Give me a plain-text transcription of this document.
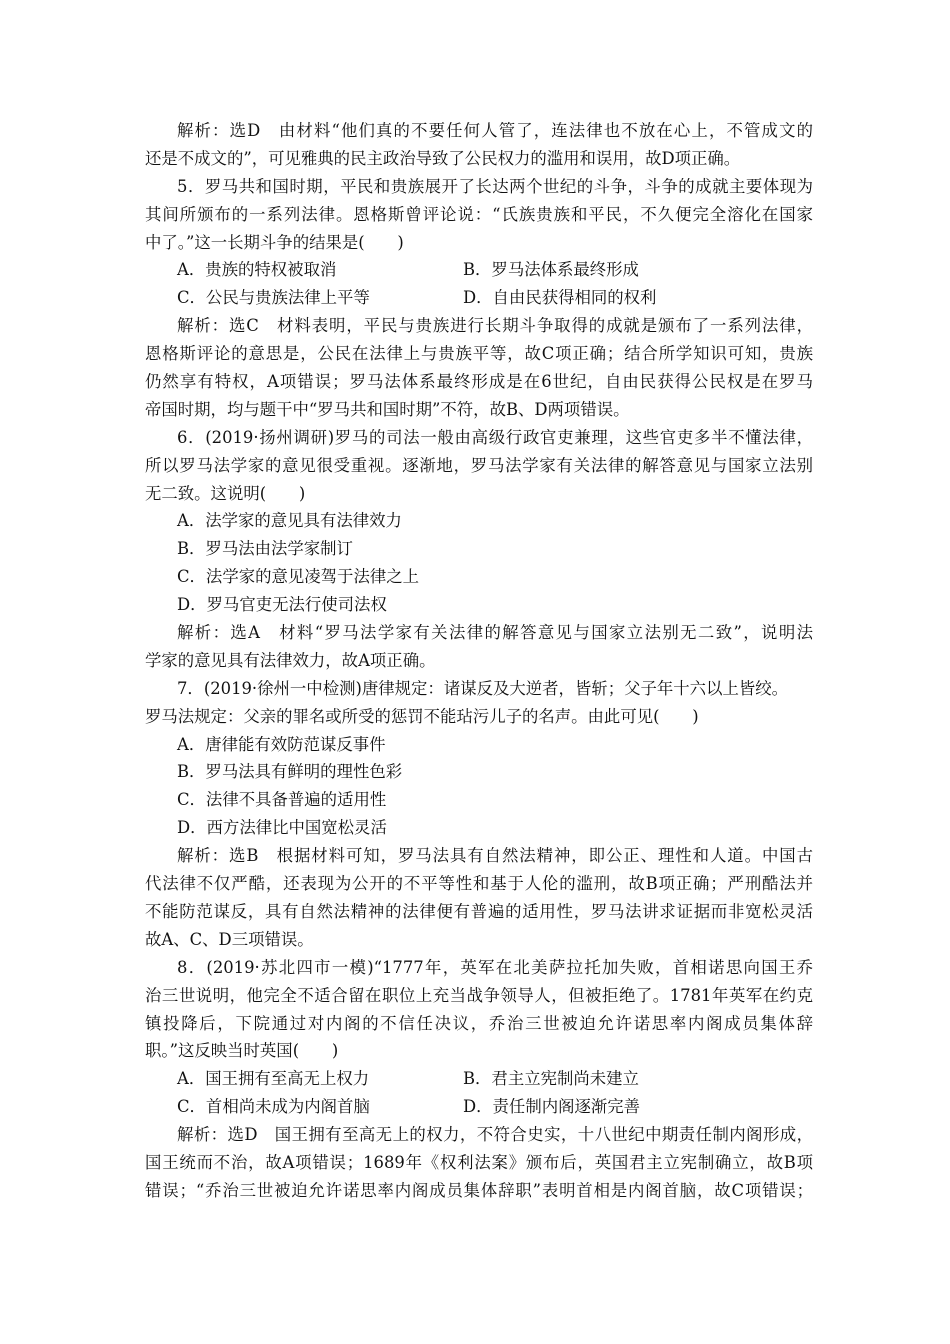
解析：选D　由材料“他们真的不要任何人管了，连法律也不放在心上，不管成文的
还是不成文的”，可见雅典的民主政治导致了公民权力的滥用和误用，故D项正确。
5．罗马共和国时期，平民和贵族展开了长达两个世纪的斗争，斗争的成就主要体现为
其间所颁布的一系列法律。恩格斯曾评论说：“氏族贵族和平民，不久便完全溶化在国家
中了。”这一长期斗争的结果是(　　)
A．贵族的特权被取消	B．罗马法体系最终形成
C．公民与贵族法律上平等	D．自由民获得相同的权利
解析：选C　材料表明，平民与贵族进行长期斗争取得的成就是颁布了一系列法律，
恩格斯评论的意思是，公民在法律上与贵族平等，故C项正确；结合所学知识可知，贵族
仍然享有特权，A项错误；罗马法体系最终形成是在6世纪，自由民获得公民权是在罗马
帝国时期，均与题干中“罗马共和国时期”不符，故B、D两项错误。
6．(2019·扬州调研)罗马的司法一般由高级行政官吏兼理，这些官吏多半不懂法律，
所以罗马法学家的意见很受重视。逐渐地，罗马法学家有关法律的解答意见与国家立法别
无二致。这说明(　　)
A．法学家的意见具有法律效力
B．罗马法由法学家制订
C．法学家的意见凌驾于法律之上
D．罗马官吏无法行使司法权
解析：选A　材料“罗马法学家有关法律的解答意见与国家立法别无二致”，说明法
学家的意见具有法律效力，故A项正确。
7．(2019·徐州一中检测)唐律规定：诸谋反及大逆者，皆斩；父子年十六以上皆绞。
罗马法规定：父亲的罪名或所受的惩罚不能玷污儿子的名声。由此可见(　　)
A．唐律能有效防范谋反事件
B．罗马法具有鲜明的理性色彩
C．法律不具备普遍的适用性
D．西方法律比中国宽松灵活
解析：选B　根据材料可知，罗马法具有自然法精神，即公正、理性和人道。中国古
代法律不仅严酷，还表现为公开的不平等性和基于人伦的滥刑，故B项正确；严刑酷法并
不能防范谋反，具有自然法精神的法律便有普遍的适用性，罗马法讲求证据而非宽松灵活
故A、C、D三项错误。
8．(2019·苏北四市一模)“1777年，英军在北美萨拉托加失败，首相诺思向国王乔
治三世说明，他完全不适合留在职位上充当战争领导人，但被拒绝了。1781年英军在约克
镇投降后，下院通过对内阁的不信任决议，乔治三世被迫允许诺思率内阁成员集体辞
职。”这反映当时英国(　　)
A．国王拥有至高无上权力	B．君主立宪制尚未建立
C．首相尚未成为内阁首脑	D．责任制内阁逐渐完善
解析：选D　国王拥有至高无上的权力，不符合史实，十八世纪中期责任制内阁形成，
国王统而不治，故A项错误；1689年《权利法案》颁布后，英国君主立宪制确立，故B项
错误；“乔治三世被迫允许诺思率内阁成员集体辞职”表明首相是内阁首脑，故C项错误；
